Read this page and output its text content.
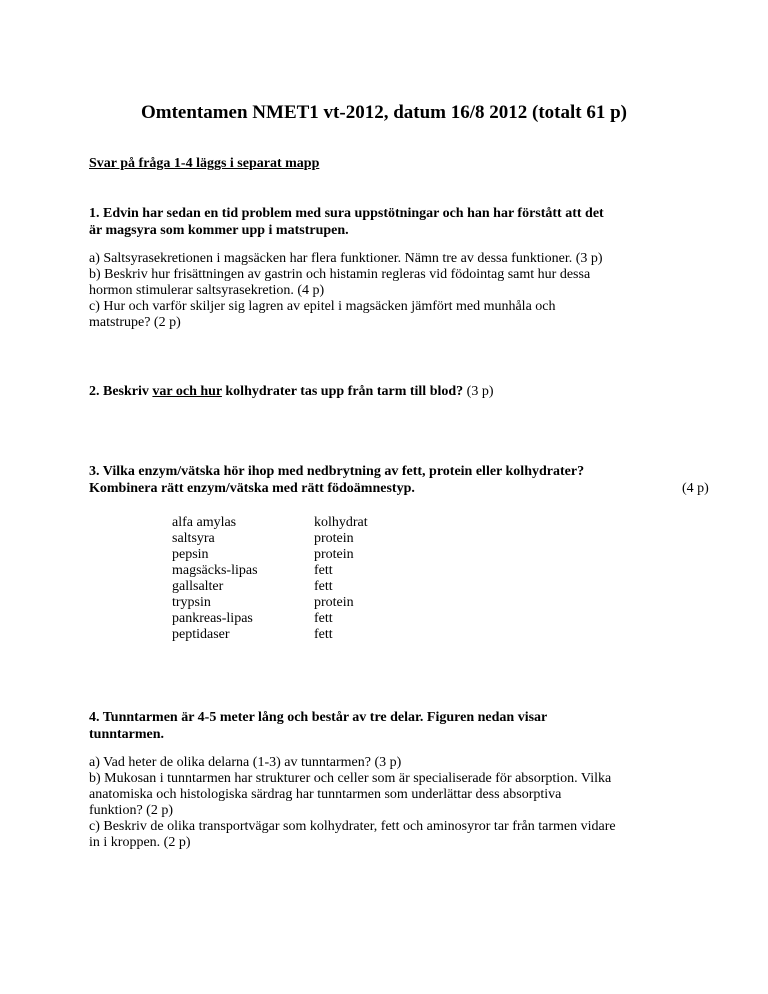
Omtentamen NMET1 vt-2012, datum 16/8 2012 (totalt 61 p)
Svar på fråga 1-4 läggs i separat mapp
1. Edvin har sedan en tid problem med sura uppstötningar och han har förstått att det
är magsyra som kommer upp i matstrupen.
a) Saltsyrasekretionen i magsäcken har flera funktioner. Nämn tre av dessa funktioner. (3 p)
b) Beskriv hur frisättningen av gastrin och histamin regleras vid födointag samt hur dessa
hormon stimulerar saltsyrasekretion. (4 p)
c) Hur och varför skiljer sig lagren av epitel i magsäcken jämfört med munhåla och
matstrupe? (2 p)
2. Beskriv var och hur kolhydrater tas upp från tarm till blod? (3 p)
3. Vilka enzym/vätska hör ihop med nedbrytning av fett, protein eller kolhydrater?
Kombinera rätt enzym/vätska med rätt födoämnestyp.	(4 p)
alfa amylas	kolhydrat
saltsyra	protein
pepsin	protein
magsäcks-lipas	fett
gallsalter	fett
trypsin	protein
pankreas-lipas	fett
peptidaser	fett
4. Tunntarmen är 4-5 meter lång och består av tre delar. Figuren nedan visar
tunntarmen.
a) Vad heter de olika delarna (1-3) av tunntarmen? (3 p)
b) Mukosan i tunntarmen har strukturer och celler som är specialiserade för absorption. Vilka
anatomiska och histologiska särdrag har tunntarmen som underlättar dess absorptiva
funktion? (2 p)
c) Beskriv de olika transportvägar som kolhydrater, fett och aminosyror tar från tarmen vidare
in i kroppen. (2 p)
